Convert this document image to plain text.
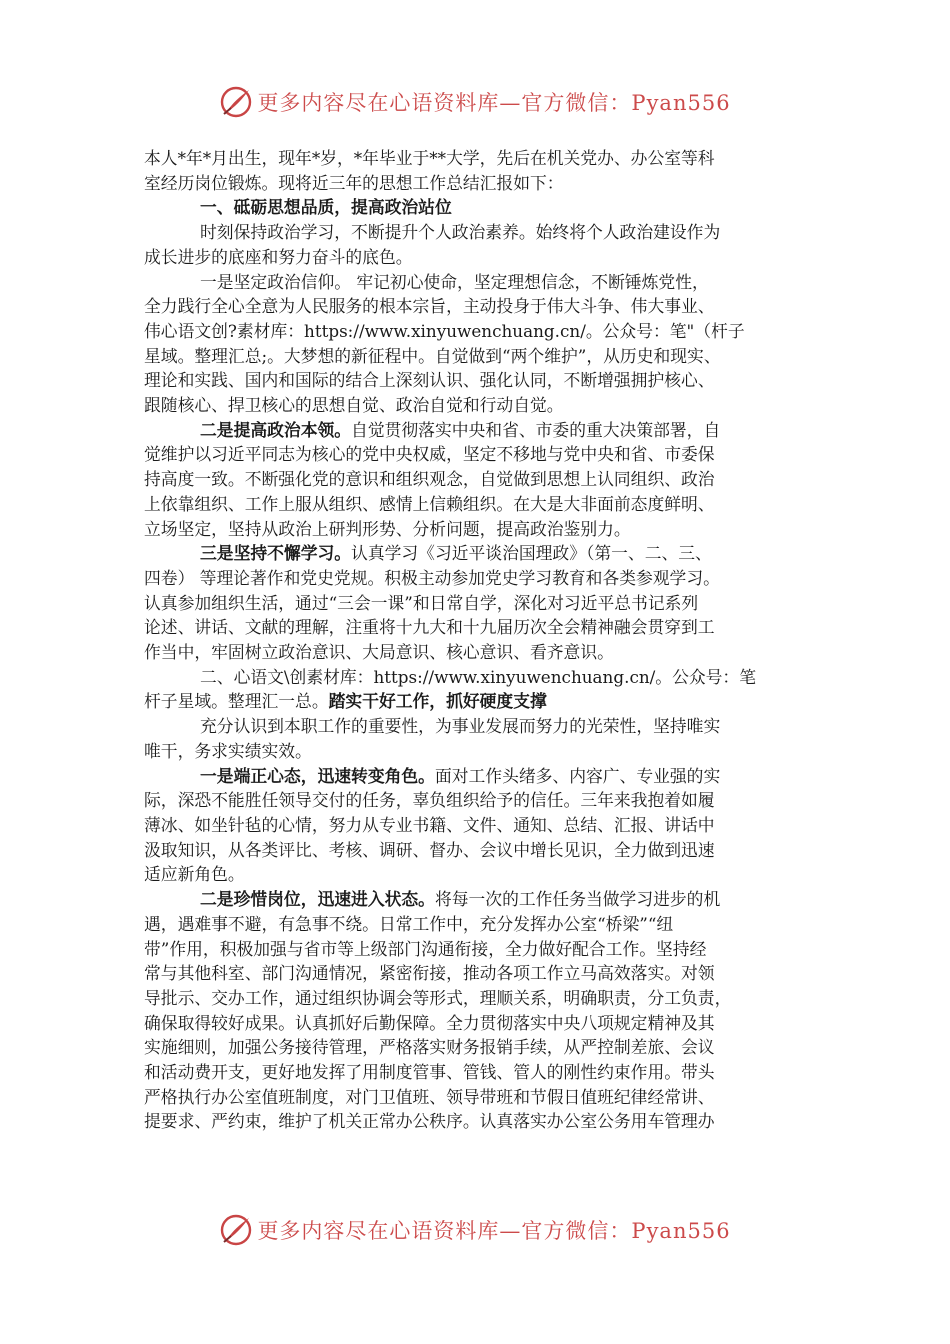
更多内容尽在心语资料库—官方微信：Pyan556

本人*年*月出生，现年*岁，*年毕业于**大学，先后在机关党办、办公室等科

室经历岗位锻炼。现将近三年的思想工作总结汇报如下：

一、砥砺思想品质，提高政治站位

时刻保持政治学习，不断提升个人政治素养。始终将个人政治建设作为

成长进步的底座和努力奋斗的底色。

一是坚定政治信仰。 牢记初心使命，坚定理想信念，不断锤炼党性，

全力践行全心全意为人民服务的根本宗旨，主动投身于伟大斗争、伟大事业、

伟心语文创?素材库：https://www.xinyuwenchuang.cn/。公众号：笔"（杆子

星域。整理汇总;。大梦想的新征程中。自觉做到“两个维护”，从历史和现实、

理论和实践、国内和国际的结合上深刻认识、强化认同，不断增强拥护核心、

跟随核心、捍卫核心的思想自觉、政治自觉和行动自觉。

二是提高政治本领。自觉贯彻落实中央和省、市委的重大决策部署，自

觉维护以习近平同志为核心的党中央权威，坚定不移地与党中央和省、市委保

持高度一致。不断强化党的意识和组织观念，自觉做到思想上认同组织、政治

上依靠组织、工作上服从组织、感情上信赖组织。在大是大非面前态度鲜明、

立场坚定，坚持从政治上研判形势、分析问题，提高政治鉴别力。

三是坚持不懈学习。认真学习《习近平谈治国理政》（第一、二、三、

四卷） 等理论著作和党史党规。积极主动参加党史学习教育和各类参观学习。

认真参加组织生活，通过“三会一课”和日常自学，深化对习近平总书记系列

论述、讲话、文献的理解，注重将十九大和十九届历次全会精神融会贯穿到工

作当中，牢固树立政治意识、大局意识、核心意识、看齐意识。

二、心语文\创素材库：https://www.xinyuwenchuang.cn/。公众号：笔

杆子星域。整理汇一总。踏实干好工作，抓好硬度支撑

充分认识到本职工作的重要性，为事业发展而努力的光荣性，坚持唯实

唯干，务求实绩实效。

一是端正心态，迅速转变角色。面对工作头绪多、内容广、专业强的实

际，深恐不能胜任领导交付的任务，辜负组织给予的信任。三年来我抱着如履

薄冰、如坐针毡的心情，努力从专业书籍、文件、通知、总结、汇报、讲话中

汲取知识，从各类评比、考核、调研、督办、会议中增长见识，全力做到迅速

适应新角色。

二是珍惜岗位，迅速进入状态。将每一次的工作任务当做学习进步的机

遇，遇难事不避，有急事不绕。日常工作中，充分发挥办公室“桥梁”“纽

带”作用，积极加强与省市等上级部门沟通衔接，全力做好配合工作。坚持经

常与其他科室、部门沟通情况，紧密衔接，推动各项工作立马高效落实。对领

导批示、交办工作，通过组织协调会等形式，理顺关系，明确职责，分工负责，

确保取得较好成果。认真抓好后勤保障。全力贯彻落实中央八项规定精神及其

实施细则，加强公务接待管理，严格落实财务报销手续，从严控制差旅、会议

和活动费开支，更好地发挥了用制度管事、管钱、管人的刚性约束作用。带头

严格执行办公室值班制度，对门卫值班、领导带班和节假日值班纪律经常讲、

提要求、严约束，维护了机关正常办公秩序。认真落实办公室公务用车管理办

更多内容尽在心语资料库—官方微信：Pyan556
